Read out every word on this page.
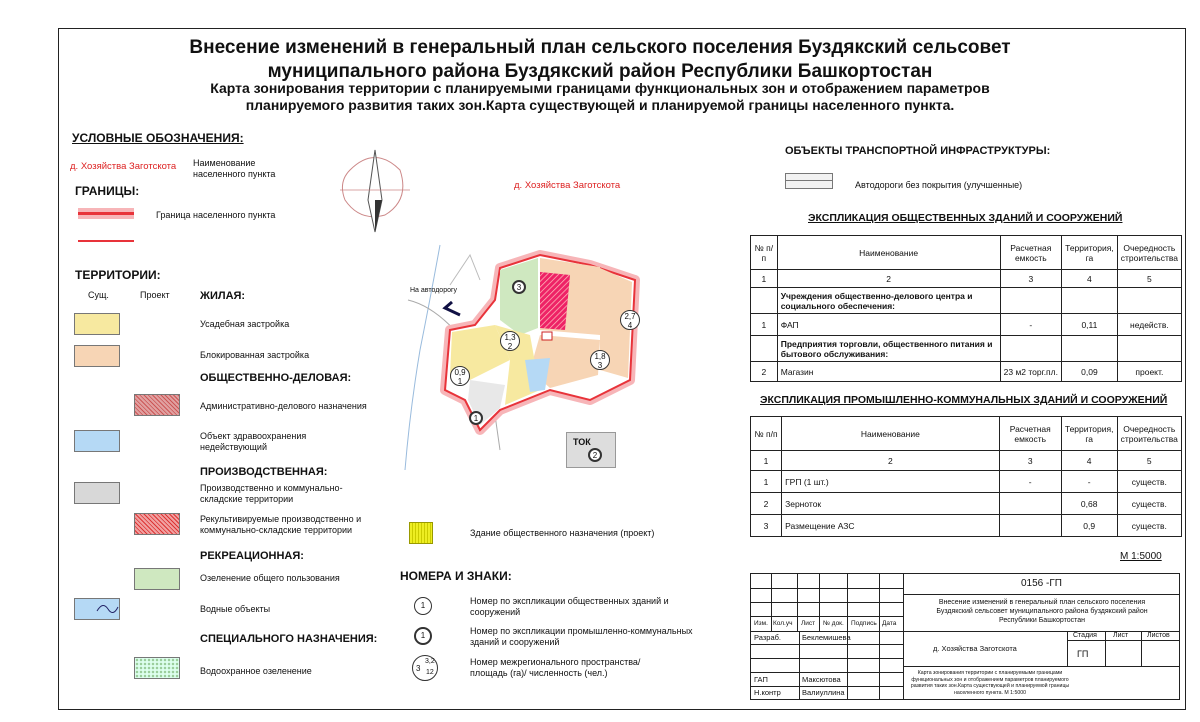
Внесение изменений в генеральный план сельского поселения Буздякский сельсовет
муниципального района Буздякский район Республики Башкортостан
Карта зонирования территории с планируемыми границами функциональных зон и отображением параметров
планируемого развития таких зон.Карта существующей и планируемой границы населенного пункта.
УСЛОВНЫЕ ОБОЗНАЧЕНИЯ:
д. Хозяйства Заготскота Наименование населенного пункта
ГРАНИЦЫ:
Граница населенного пункта
ТЕРРИТОРИИ:
Сущ.	Проект	ЖИЛАЯ:
Усадебная застройка
Блокированная застройка
ОБЩЕСТВЕННО-ДЕЛОВАЯ:
Административно-делового назначения
Объект здравоохранения недействующий
ПРОИЗВОДСТВЕННАЯ:
Производственно и коммунально-складские территории
Рекультивируемые производственно и коммунально-складские территории
РЕКРЕАЦИОННАЯ:
Озеленение общего пользования
Водные объекты
СПЕЦИАЛЬНОГО НАЗНАЧЕНИЯ:
Водоохранное озеленение
д. Хозяйства Заготскота
На автодорогу
0,9
1
1,3
2
1,8
3
2,7
4
3
1
ТОК
2
Здание общественного назначения (проект)
НОМЕРА И ЗНАКИ:
1	Номер по экспликации общественных зданий и сооружений
1	Номер по экспликации промышленно-коммунальных зданий и сооружений
3
3,2
12
Номер межрегионального пространства/ площадь (га)/ численность (чел.)
ОБЪЕКТЫ ТРАНСПОРТНОЙ ИНФРАСТРУКТУРЫ:
Автодороги без покрытия (улучшенные)
ЭКСПЛИКАЦИЯ ОБЩЕСТВЕННЫХ ЗДАНИЙ И СООРУЖЕНИЙ
№ п/п	Наименование	Расчетная емкость	Территория, га	Очередность строительства
1	2	3	4	5
	Учреждения общественно-делового центра и социального обеспечения:			
1	ФАП	-	0,11	недейств.
	Предприятия торговли, общественного питания и бытового обслуживания:			
2	Магазин	23 м2 торг.пл.	0,09	проект.
ЭКСПЛИКАЦИЯ ПРОМЫШЛЕННО-КОММУНАЛЬНЫХ ЗДАНИЙ И СООРУЖЕНИЙ
№ п/п	Наименование	Расчетная емкость	Территория, га	Очередность строительства
1	2	3	4	5
1	ГРП (1 шт.)	-	-	существ.
2	Зерноток		0,68	существ.
3	Размещение АЗС		0,9	существ.
М 1:5000
0156 -ГП
Внесение изменений в генеральный план сельского поселения Буздякский сельсовет муниципального района буздякский район Республики Башкортостан
Изм. Кол.уч Лист № док. Подпись Дата
Разраб.	Беклемишева
ГАП	Максютова
Н.контр	Валиуллина
д. Хозяйства Заготскота
Стадия Лист	Листов
ГП
Карта зонирования территории с планируемыми границами функциональных зон и отображением параметров планируемого развития таких зон.Карта существующей и планируемой границы населенного пункта. М 1:5000
